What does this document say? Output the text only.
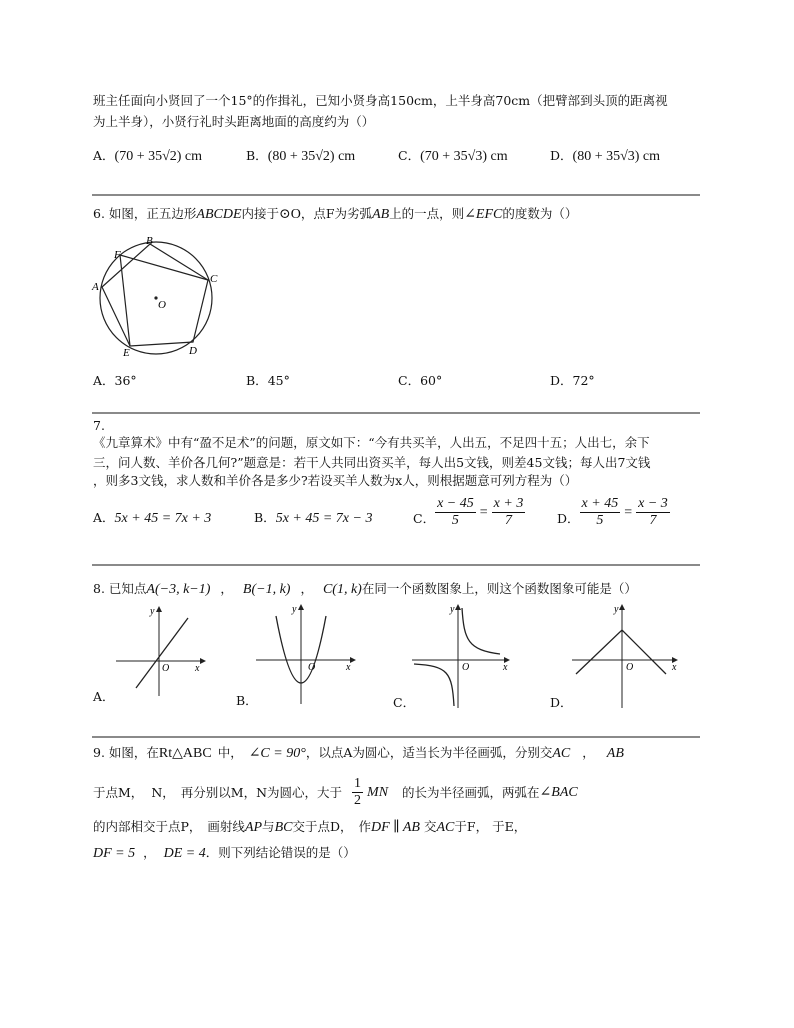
班主任面向小贤回了一个15°的作揖礼，已知小贤身高150cm，上半身高70cm（把臂部到头顶的距离视
为上半身），小贤行礼时头距离地面的高度约为（）
A．(70 + 35√2) cm	B．(80 + 35√2) cm	C．(70 + 35√3) cm	D．(80 + 35√3) cm
6. 如图，正五边形ABCDE内接于⊙O，点F为劣弧AB上的一点，则∠EFC的度数为（）
A
B
C
D
E
F
O
A．36°	B．45°	C．60°	D．72°
7.
《九章算术》中有“盈不足术”的问题，原文如下：“今有共买羊，人出五，不足四十五；人出七，余下
三，问人数、羊价各几何?”题意是：若干人共同出资买羊，每人出5文钱，则差45文钱；每人出7文钱
，则多3文钱，求人数和羊价各是多少?若设买羊人数为x人，则根据题意可列方程为（）
A．5x + 45 = 7x + 3	B．5x + 45 = 7x − 3	C． $\frac{x - 45}{5} = \frac{x + 3}{7}$	D． $\frac{x + 45}{5} = \frac{x - 3}{7}$
8. 已知点A(−3, k−1) ， B(−1, k) ， C(1, k)在同一个函数图象上，则这个函数图象可能是（）
x
y
O
A．
x
y
O
B．
x
y
O
C．
x
y
O
D．
9. 如图，在Rt△ABC 中， ∠C = 90°，以点A为圆心，适当长为半径画弧，分别交AC ， AB
于点M， N， 再分别以M， N为圆心，大于 $\frac{1}{2}$ MN 的长为半径画弧，两弧在 ∠BAC
的内部相交于点P， 画射线AP与BC交于点D， 作DF ∥ AB 交AC于F， 于E，
DF = 5 ， DE = 4．则下列结论错误的是（）
